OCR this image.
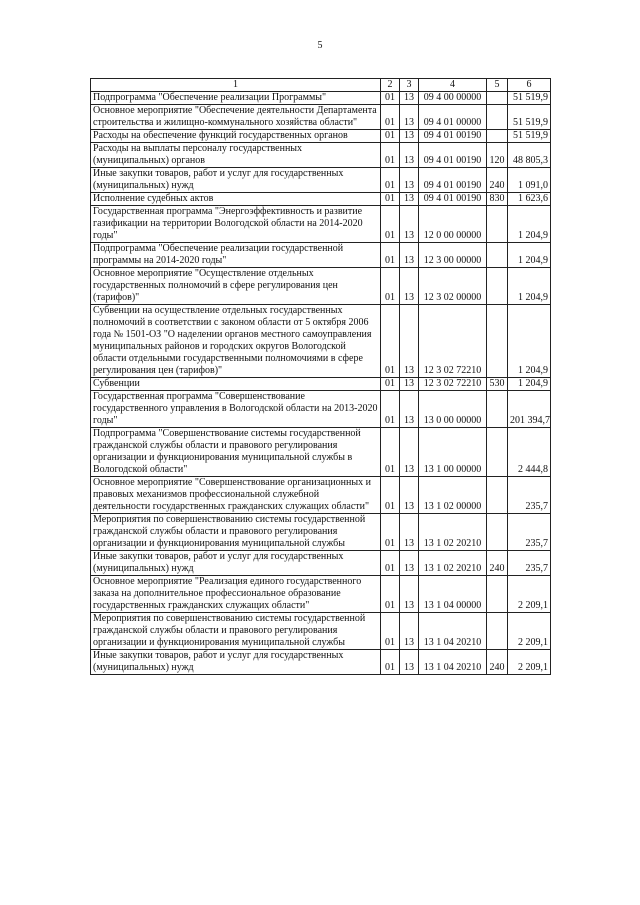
5
1	2	3	4	5	6
Подпрограмма "Обеспечение реализации Программы"	01	13	09 4 00 00000		51 519,9
Основное мероприятие "Обеспечение деятельности Департамента строительства и жилищно-коммунального хозяйства области"	01	13	09 4 01 00000		51 519,9
Расходы на обеспечение функций государственных органов	01	13	09 4 01 00190		51 519,9
Расходы на выплаты персоналу государственных (муниципальных) органов	01	13	09 4 01 00190	120	48 805,3
Иные закупки товаров, работ и услуг для государственных (муниципальных) нужд	01	13	09 4 01 00190	240	1 091,0
Исполнение судебных актов	01	13	09 4 01 00190	830	1 623,6
Государственная программа "Энергоэффективность и развитие газификации на территории Вологодской области на 2014-2020 годы"	01	13	12 0 00 00000		1 204,9
Подпрограмма "Обеспечение реализации государственной программы на 2014-2020 годы"	01	13	12 3 00 00000		1 204,9
Основное мероприятие "Осуществление отдельных государственных полномочий в сфере регулирования цен (тарифов)"	01	13	12 3 02 00000		1 204,9
Субвенции на осуществление отдельных государственных полномочий в соответствии с законом области от 5 октября 2006 года № 1501-ОЗ "О наделении органов местного самоуправления муниципальных районов и городских округов Вологодской области отдельными государственными полномочиями в сфере регулирования цен (тарифов)"	01	13	12 3 02 72210		1 204,9
Субвенции	01	13	12 3 02 72210	530	1 204,9
Государственная программа "Совершенствование государственного управления в Вологодской области на 2013-2020 годы"	01	13	13 0 00 00000		201 394,7
Подпрограмма "Совершенствование системы государственной гражданской службы области и правового регулирования организации и функционирования муниципальной службы в Вологодской области"	01	13	13 1 00 00000		2 444,8
Основное мероприятие "Совершенствование организационных и правовых механизмов профессиональной служебной деятельности государственных гражданских служащих области"	01	13	13 1 02 00000		235,7
Мероприятия по совершенствованию системы государственной гражданской службы области и правового регулирования организации и функционирования муниципальной службы	01	13	13 1 02 20210		235,7
Иные закупки товаров, работ и услуг для государственных (муниципальных) нужд	01	13	13 1 02 20210	240	235,7
Основное мероприятие "Реализация единого государственного заказа на дополнительное профессиональное образование государственных гражданских служащих области"	01	13	13 1 04 00000		2 209,1
Мероприятия по совершенствованию системы государственной гражданской службы области и правового регулирования организации и функционирования муниципальной службы	01	13	13 1 04 20210		2 209,1
Иные закупки товаров, работ и услуг для государственных (муниципальных) нужд	01	13	13 1 04 20210	240	2 209,1
